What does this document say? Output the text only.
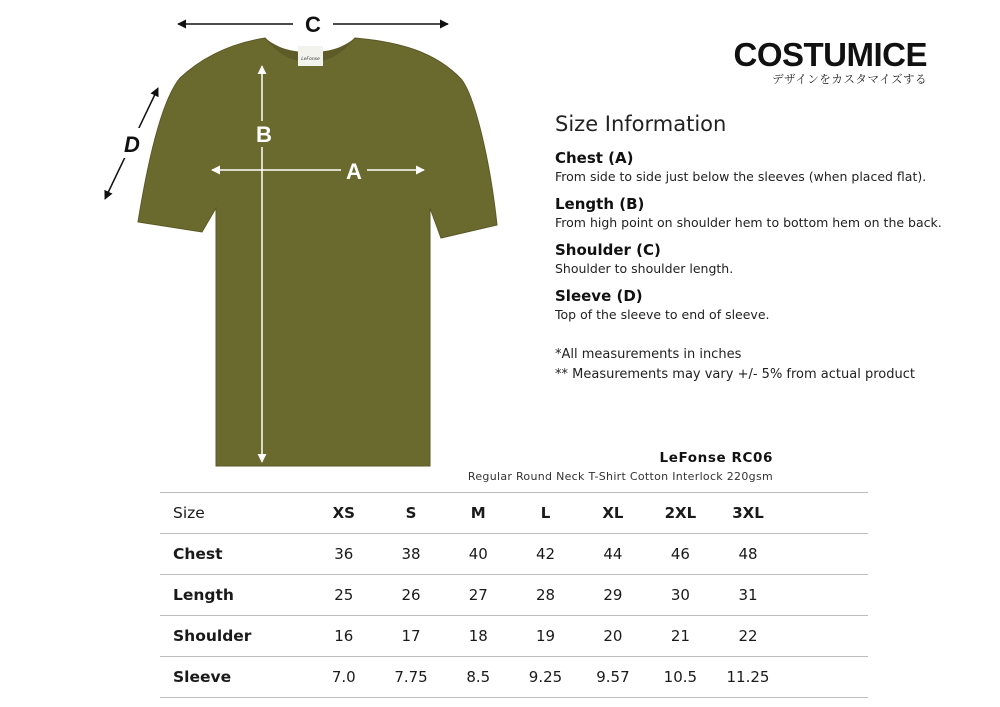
LeFonse
B
A
C
D
COSTUMICE
デザインをカスタマイズする
Size Information
Chest (A)
From side to side just below the sleeves (when placed flat).
Length (B)
From high point on shoulder hem to bottom hem on the back.
Shoulder (C)
Shoulder to shoulder length.
Sleeve (D)
Top of the sleeve to end of sleeve.
*All measurements in inches
** Measurements may vary +/- 5% from actual product
LeFonse RC06
Regular Round Neck T-Shirt Cotton Interlock 220gsm
Size	XS	S	M	L	XL	2XL	3XL	
Chest	36	38	40	42	44	46	48	
Length	25	26	27	28	29	30	31	
Shoulder	16	17	18	19	20	21	22	
Sleeve	7.0	7.75	8.5	9.25	9.57	10.5	11.25	
